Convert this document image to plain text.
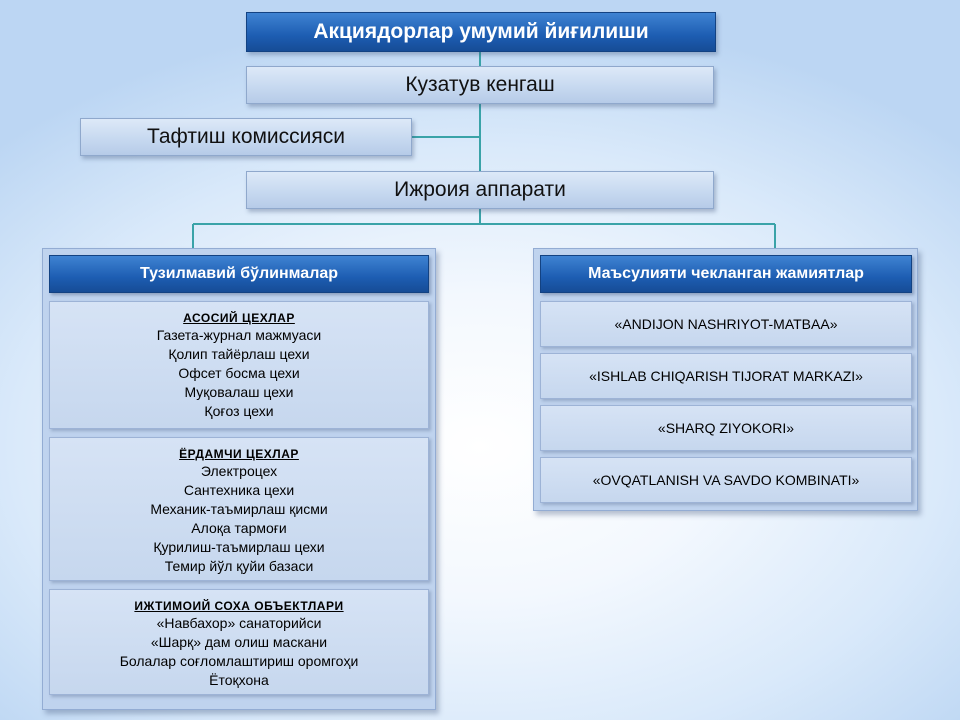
Акциядорлар умумий йиғилиши
Кузатув кенгаш
Тафтиш комиссияси
Ижроия аппарати
Тузилмавий бўлинмалар
АСОСИЙ ЦЕХЛАР
Газета-журнал мажмуаси
Қолип тайёрлаш цехи
Офсет босма цехи
Муқовалаш цехи
Қоғоз цехи
ЁРДАМЧИ ЦЕХЛАР
Электроцех
Сантехника цехи
Механик-таъмирлаш қисми
Алоқа тармоғи
Қурилиш-таъмирлаш цехи
Темир йўл қуйи базаси
ИЖТИМОИЙ СОХА ОБЪЕКТЛАРИ
«Навбахор» санаторийси
«Шарқ» дам олиш маскани
Болалар соғломлаштириш оромгоҳи
Ётоқхона
Маъсулияти чекланган жамиятлар
«ANDIJON NASHRIYOT-MATBAA»
«ISHLAB CHIQARISH TIJORAT MARKAZI»
«SHARQ ZIYOKORI»
«OVQATLANISH VA SAVDO KOMBINATI»
